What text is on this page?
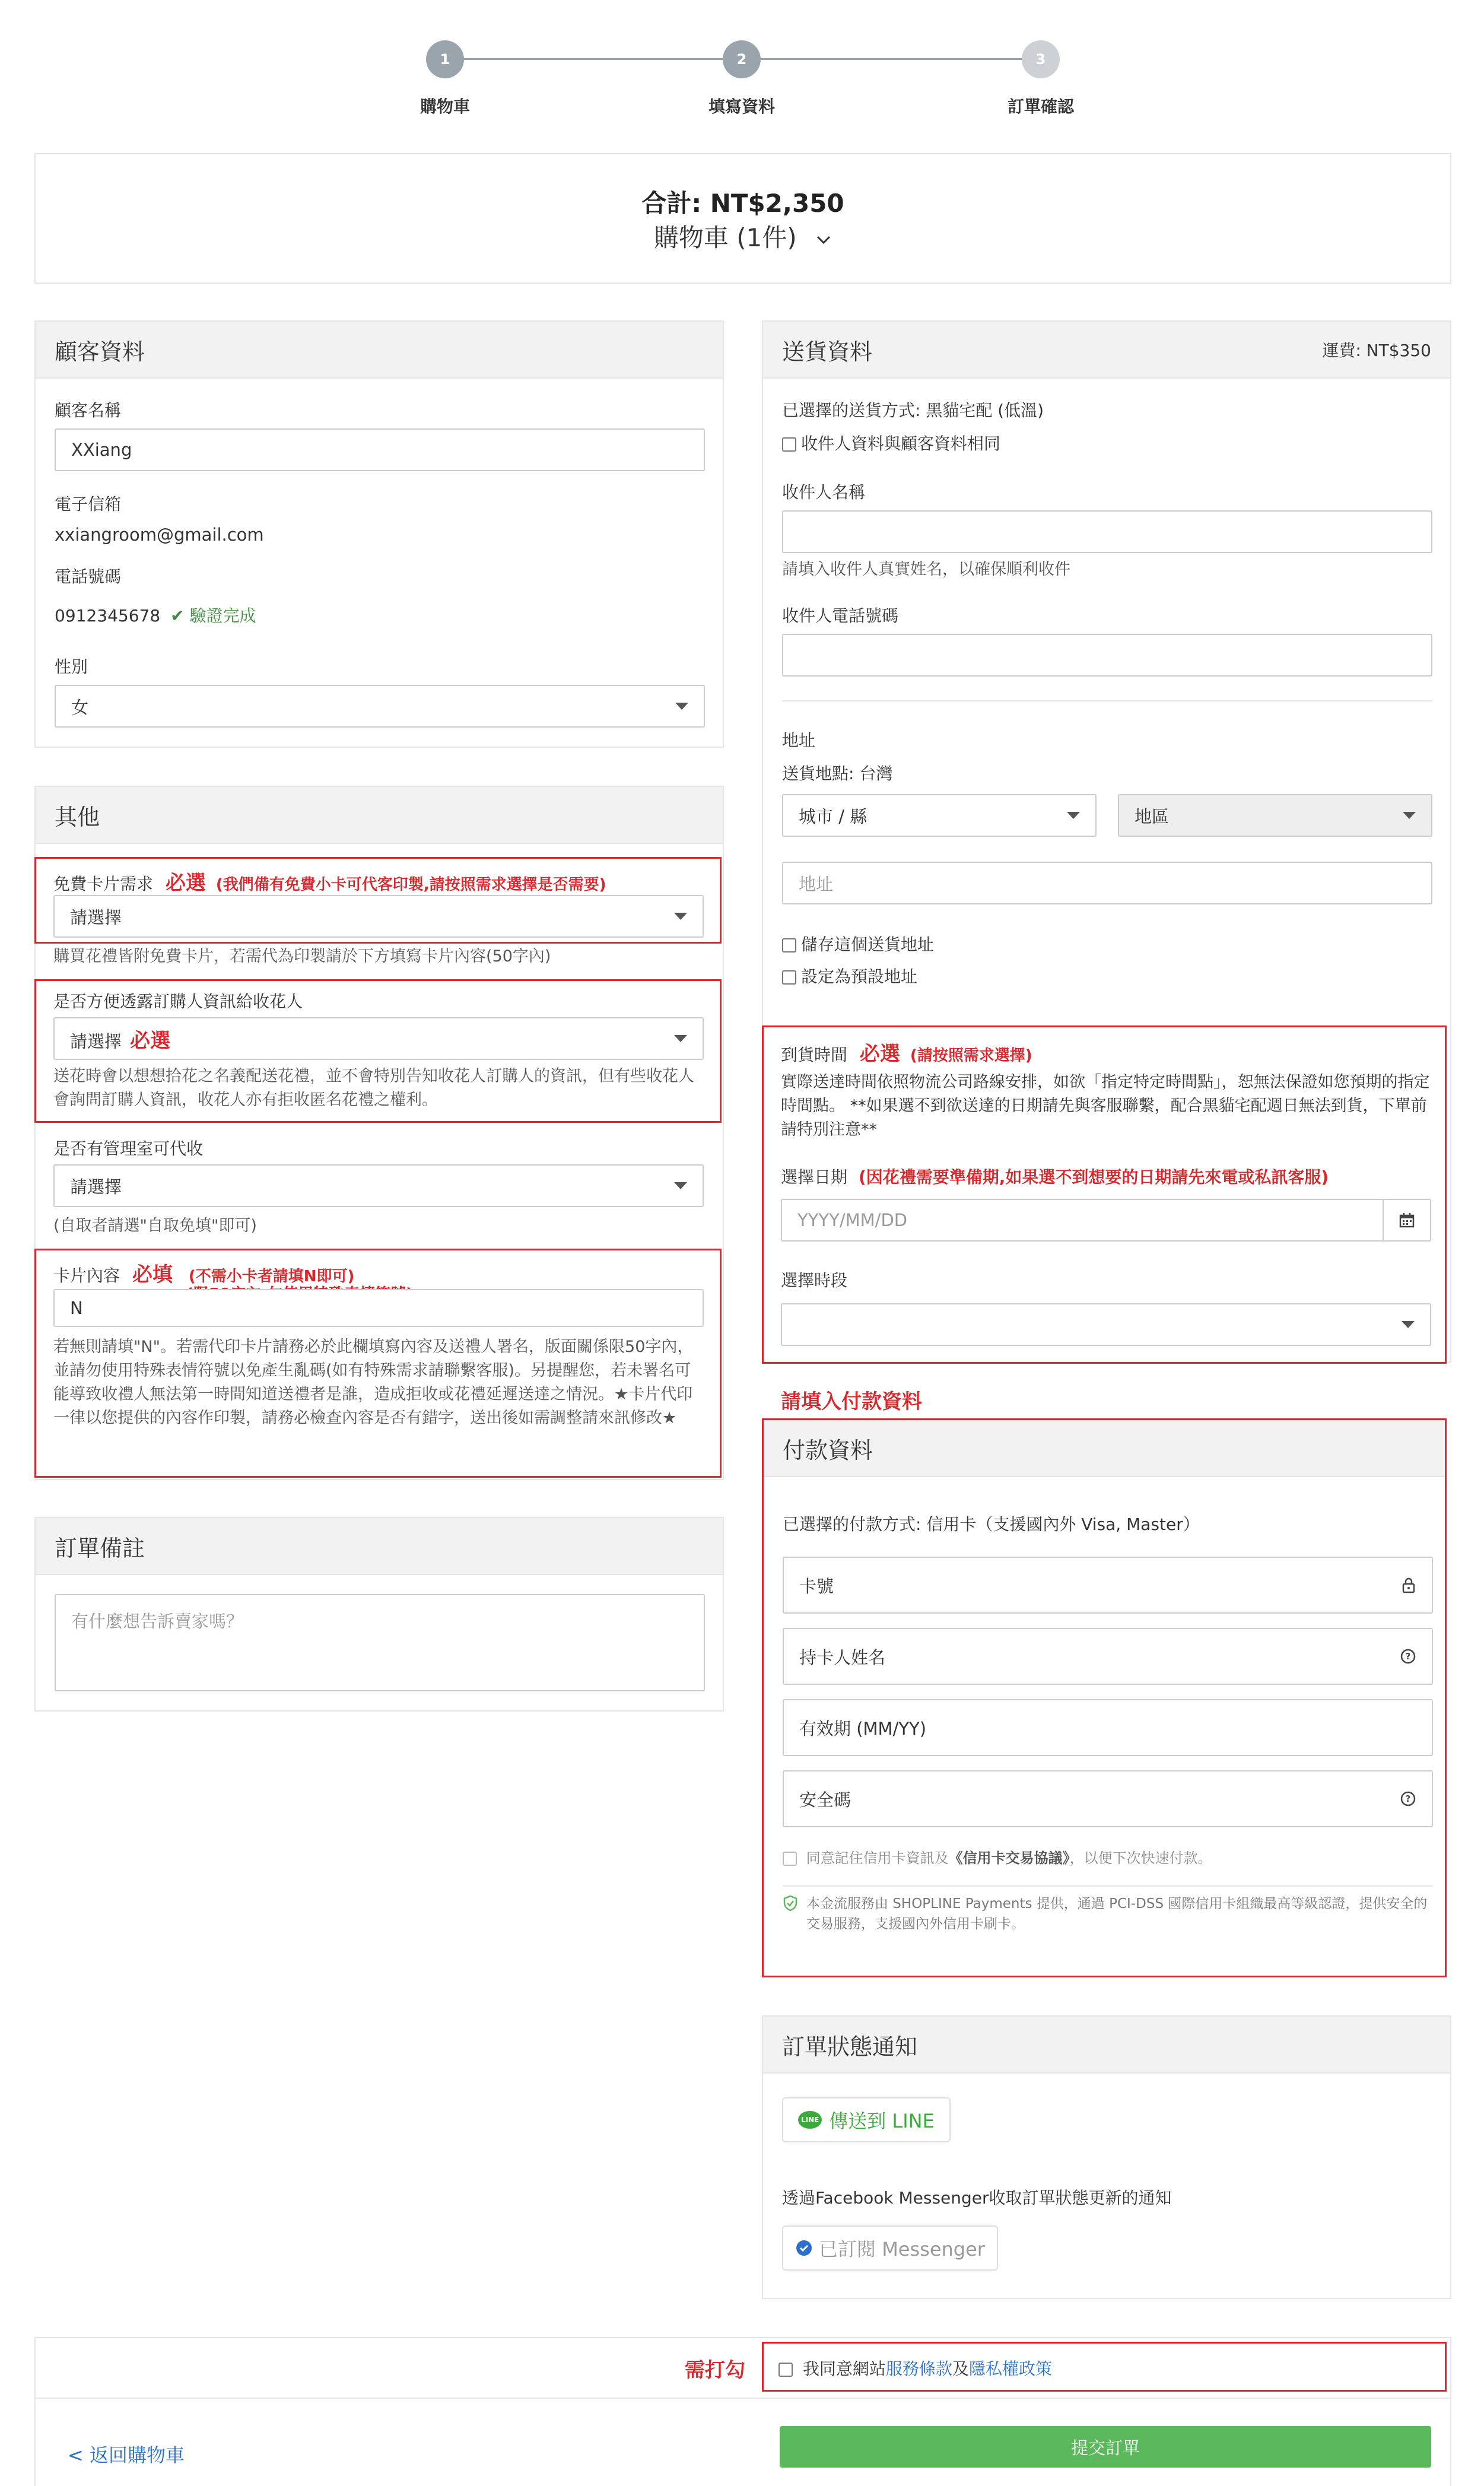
1	2	3
購物車	填寫資料	訂單確認
合計: NT$2,350
購物車 (1件)
顧客資料
顧客名稱
XXiang
電子信箱
xxiangroom@gmail.com
電話號碼
0912345678 ✔ 驗證完成
性別
女
其他
免費卡片需求 必選 (我們備有免費小卡可代客印製,請按照需求選擇是否需要)
請選擇
購買花禮皆附免費卡片，若需代為印製請於下方填寫卡片內容(50字內)
是否方便透露訂購人資訊給收花人
請選擇 必選
送花時會以想想拾花之名義配送花禮，並不會特別告知收花人訂購人的資訊，但有些收花人會詢問訂購人資訊，收花人亦有拒收匿名花禮之權利。
是否有管理室可代收
請選擇
(自取者請選"自取免填"即可)
卡片內容 必填 (不需小卡者請填N即可)
N
若無則請填"N"。若需代印卡片請務必於此欄填寫內容及送禮人署名，版面關係限50字內，並請勿使用特殊表情符號以免產生亂碼(如有特殊需求請聯繫客服)。另提醒您，若未署名可能導致收禮人無法第一時間知道送禮者是誰，造成拒收或花禮延遲送達之情況。★卡片代印一律以您提供的內容作印製，請務必檢查內容是否有錯字，送出後如需調整請來訊修改★
訂單備註
有什麼想告訴賣家嗎？
送貨資料	運費: NT$350
已選擇的送貨方式: 黑貓宅配 (低溫)
收件人資料與顧客資料相同
收件人名稱
請填入收件人真實姓名，以確保順利收件
收件人電話號碼
地址
送貨地點: 台灣
城市 / 縣	地區
地址
儲存這個送貨地址
設定為預設地址
到貨時間 必選 (請按照需求選擇)
實際送達時間依照物流公司路線安排，如欲「指定特定時間點」，恕無法保證如您預期的指定時間點。 **如果選不到欲送達的日期請先與客服聯繫，配合黑貓宅配週日無法到貨，下單前請特別注意**
選擇日期 (因花禮需要準備期,如果選不到想要的日期請先來電或私訊客服)
YYYY/MM/DD
選擇時段
請填入付款資料
付款資料
已選擇的付款方式: 信用卡（支援國內外 Visa, Master）
卡號
持卡人姓名	?
有效期 (MM/YY)
安全碼	?
同意記住信用卡資訊及《信用卡交易協議》，以便下次快速付款。
本金流服務由 SHOPLINE Payments 提供，通過 PCI-DSS 國際信用卡組織最高等級認證，提供安全的交易服務，支援國內外信用卡刷卡。
訂單狀態通知
LINE 傳送到 LINE
透過Facebook Messenger收取訂單狀態更新的通知
已訂閱 Messenger
需打勾	我同意網站服務條款及隱私權政策
< 返回購物車	提交訂單
